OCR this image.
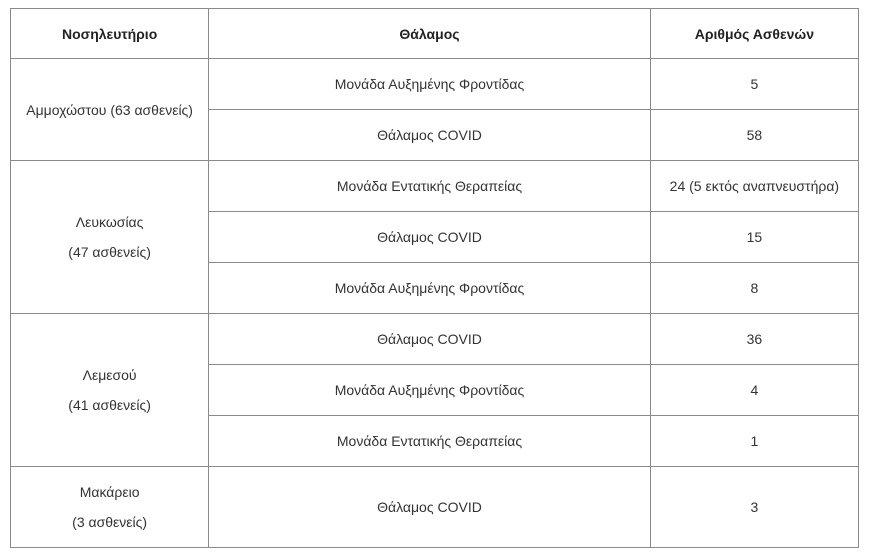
Νοσηλευτήριο	Θάλαμος	Αριθμός Ασθενών

Αμμοχώστου (63 ασθενείς)	Μονάδα Αυξημένης Φροντίδας	5
	Θάλαμος COVID	58

Λευκωσίας
(47 ασθενείς)	Μονάδα Εντατικής Θεραπείας	24 (5 εκτός αναπνευστήρα)
	Θάλαμος COVID	15
	Μονάδα Αυξημένης Φροντίδας	8

Λεμεσού
(41 ασθενείς)	Θάλαμος COVID	36
	Μονάδα Αυξημένης Φροντίδας	4
	Μονάδα Εντατικής Θεραπείας	1

Μακάρειο
(3 ασθενείς)	Θάλαμος COVID	3
